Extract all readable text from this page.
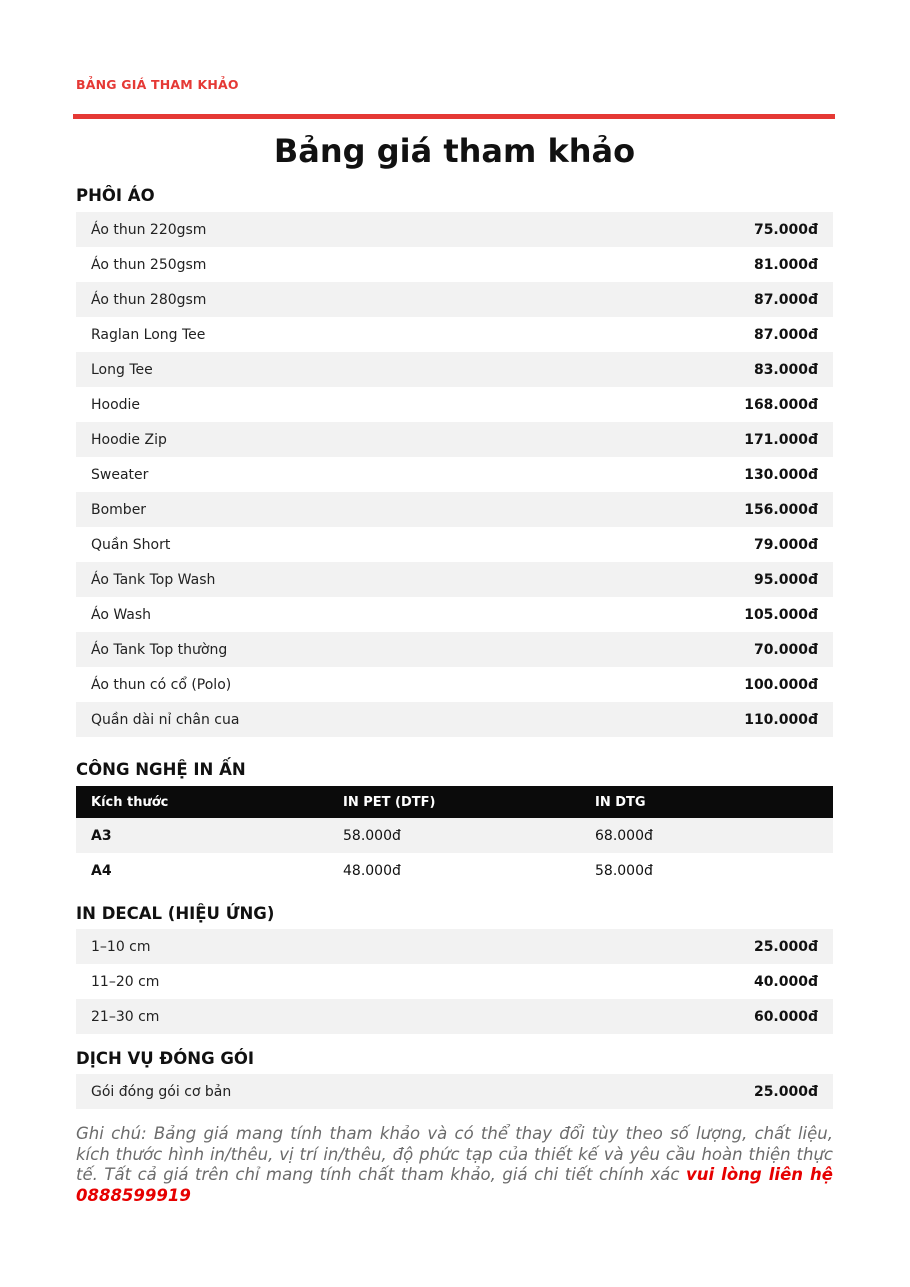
BẢNG GIÁ THAM KHẢO
Bảng giá tham khảo
PHÔI ÁO
Áo thun 220gsm	75.000đ
Áo thun 250gsm	81.000đ
Áo thun 280gsm	87.000đ
Raglan Long Tee	87.000đ
Long Tee	83.000đ
Hoodie	168.000đ
Hoodie Zip	171.000đ
Sweater	130.000đ
Bomber	156.000đ
Quần Short	79.000đ
Áo Tank Top Wash	95.000đ
Áo Wash	105.000đ
Áo Tank Top thường	70.000đ
Áo thun có cổ (Polo)	100.000đ
Quần dài nỉ chân cua	110.000đ
CÔNG NGHỆ IN ẤN
Kích thước	IN PET (DTF)	IN DTG
A3	58.000đ	68.000đ
A4	48.000đ	58.000đ
IN DECAL (HIỆU ỨNG)
1–10 cm	25.000đ
11–20 cm	40.000đ
21–30 cm	60.000đ
DỊCH VỤ ĐÓNG GÓI
Gói đóng gói cơ bản	25.000đ
Ghi chú: Bảng giá mang tính tham khảo và có thể thay đổi tùy theo số lượng, chất liệu, kích thước hình in/thêu, vị trí in/thêu, độ phức tạp của thiết kế và yêu cầu hoàn thiện thực tế. Tất cả giá trên chỉ mang tính chất tham khảo, giá chi tiết chính xác vui lòng liên hệ 0888599919
